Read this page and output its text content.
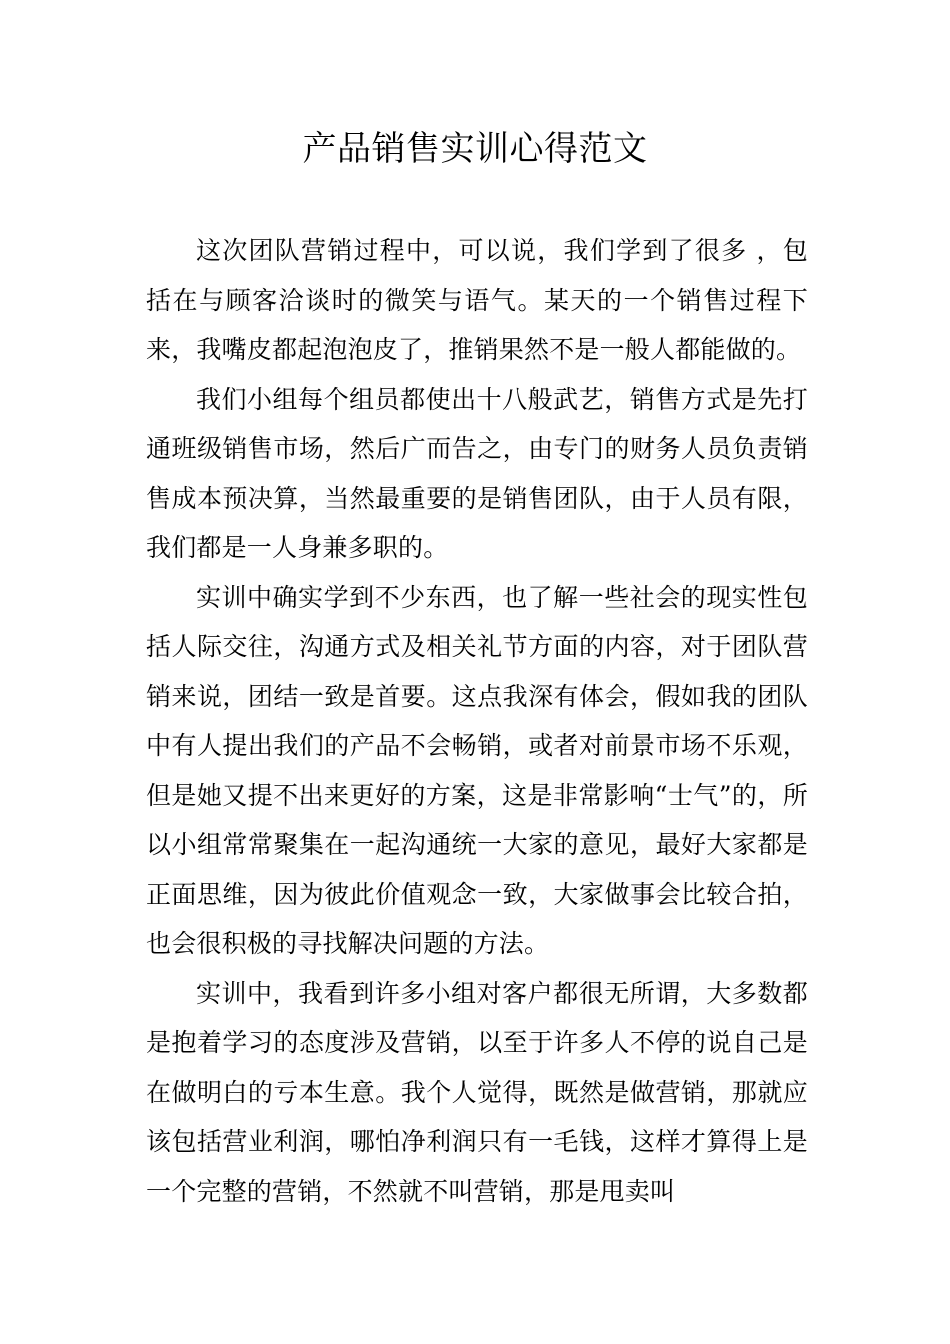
产品销售实训心得范文

这次团队营销过程中，可以说，我们学到了很多 ，包括在与顾客洽谈时的微笑与语气。某天的一个销售过程下来，我嘴皮都起泡泡皮了，推销果然不是一般人都能做的。

我们小组每个组员都使出十八般武艺，销售方式是先打通班级销售市场，然后广而告之，由专门的财务人员负责销售成本预决算，当然最重要的是销售团队，由于人员有限，我们都是一人身兼多职的。

实训中确实学到不少东西，也了解一些社会的现实性包括人际交往，沟通方式及相关礼节方面的内容，对于团队营销来说，团结一致是首要。这点我深有体会，假如我的团队中有人提出我们的产品不会畅销，或者对前景市场不乐观，但是她又提不出来更好的方案，这是非常影响“士气”的，所以小组常常聚集在一起沟通统一大家的意见，最好大家都是正面思维，因为彼此价值观念一致，大家做事会比较合拍，也会很积极的寻找解决问题的方法。

实训中，我看到许多小组对客户都很无所谓，大多数都是抱着学习的态度涉及营销，以至于许多人不停的说自己是在做明白的亏本生意。我个人觉得，既然是做营销，那就应该包括营业利润，哪怕净利润只有一毛钱，这样才算得上是一个完整的营销，不然就不叫营销，那是甩卖叫
